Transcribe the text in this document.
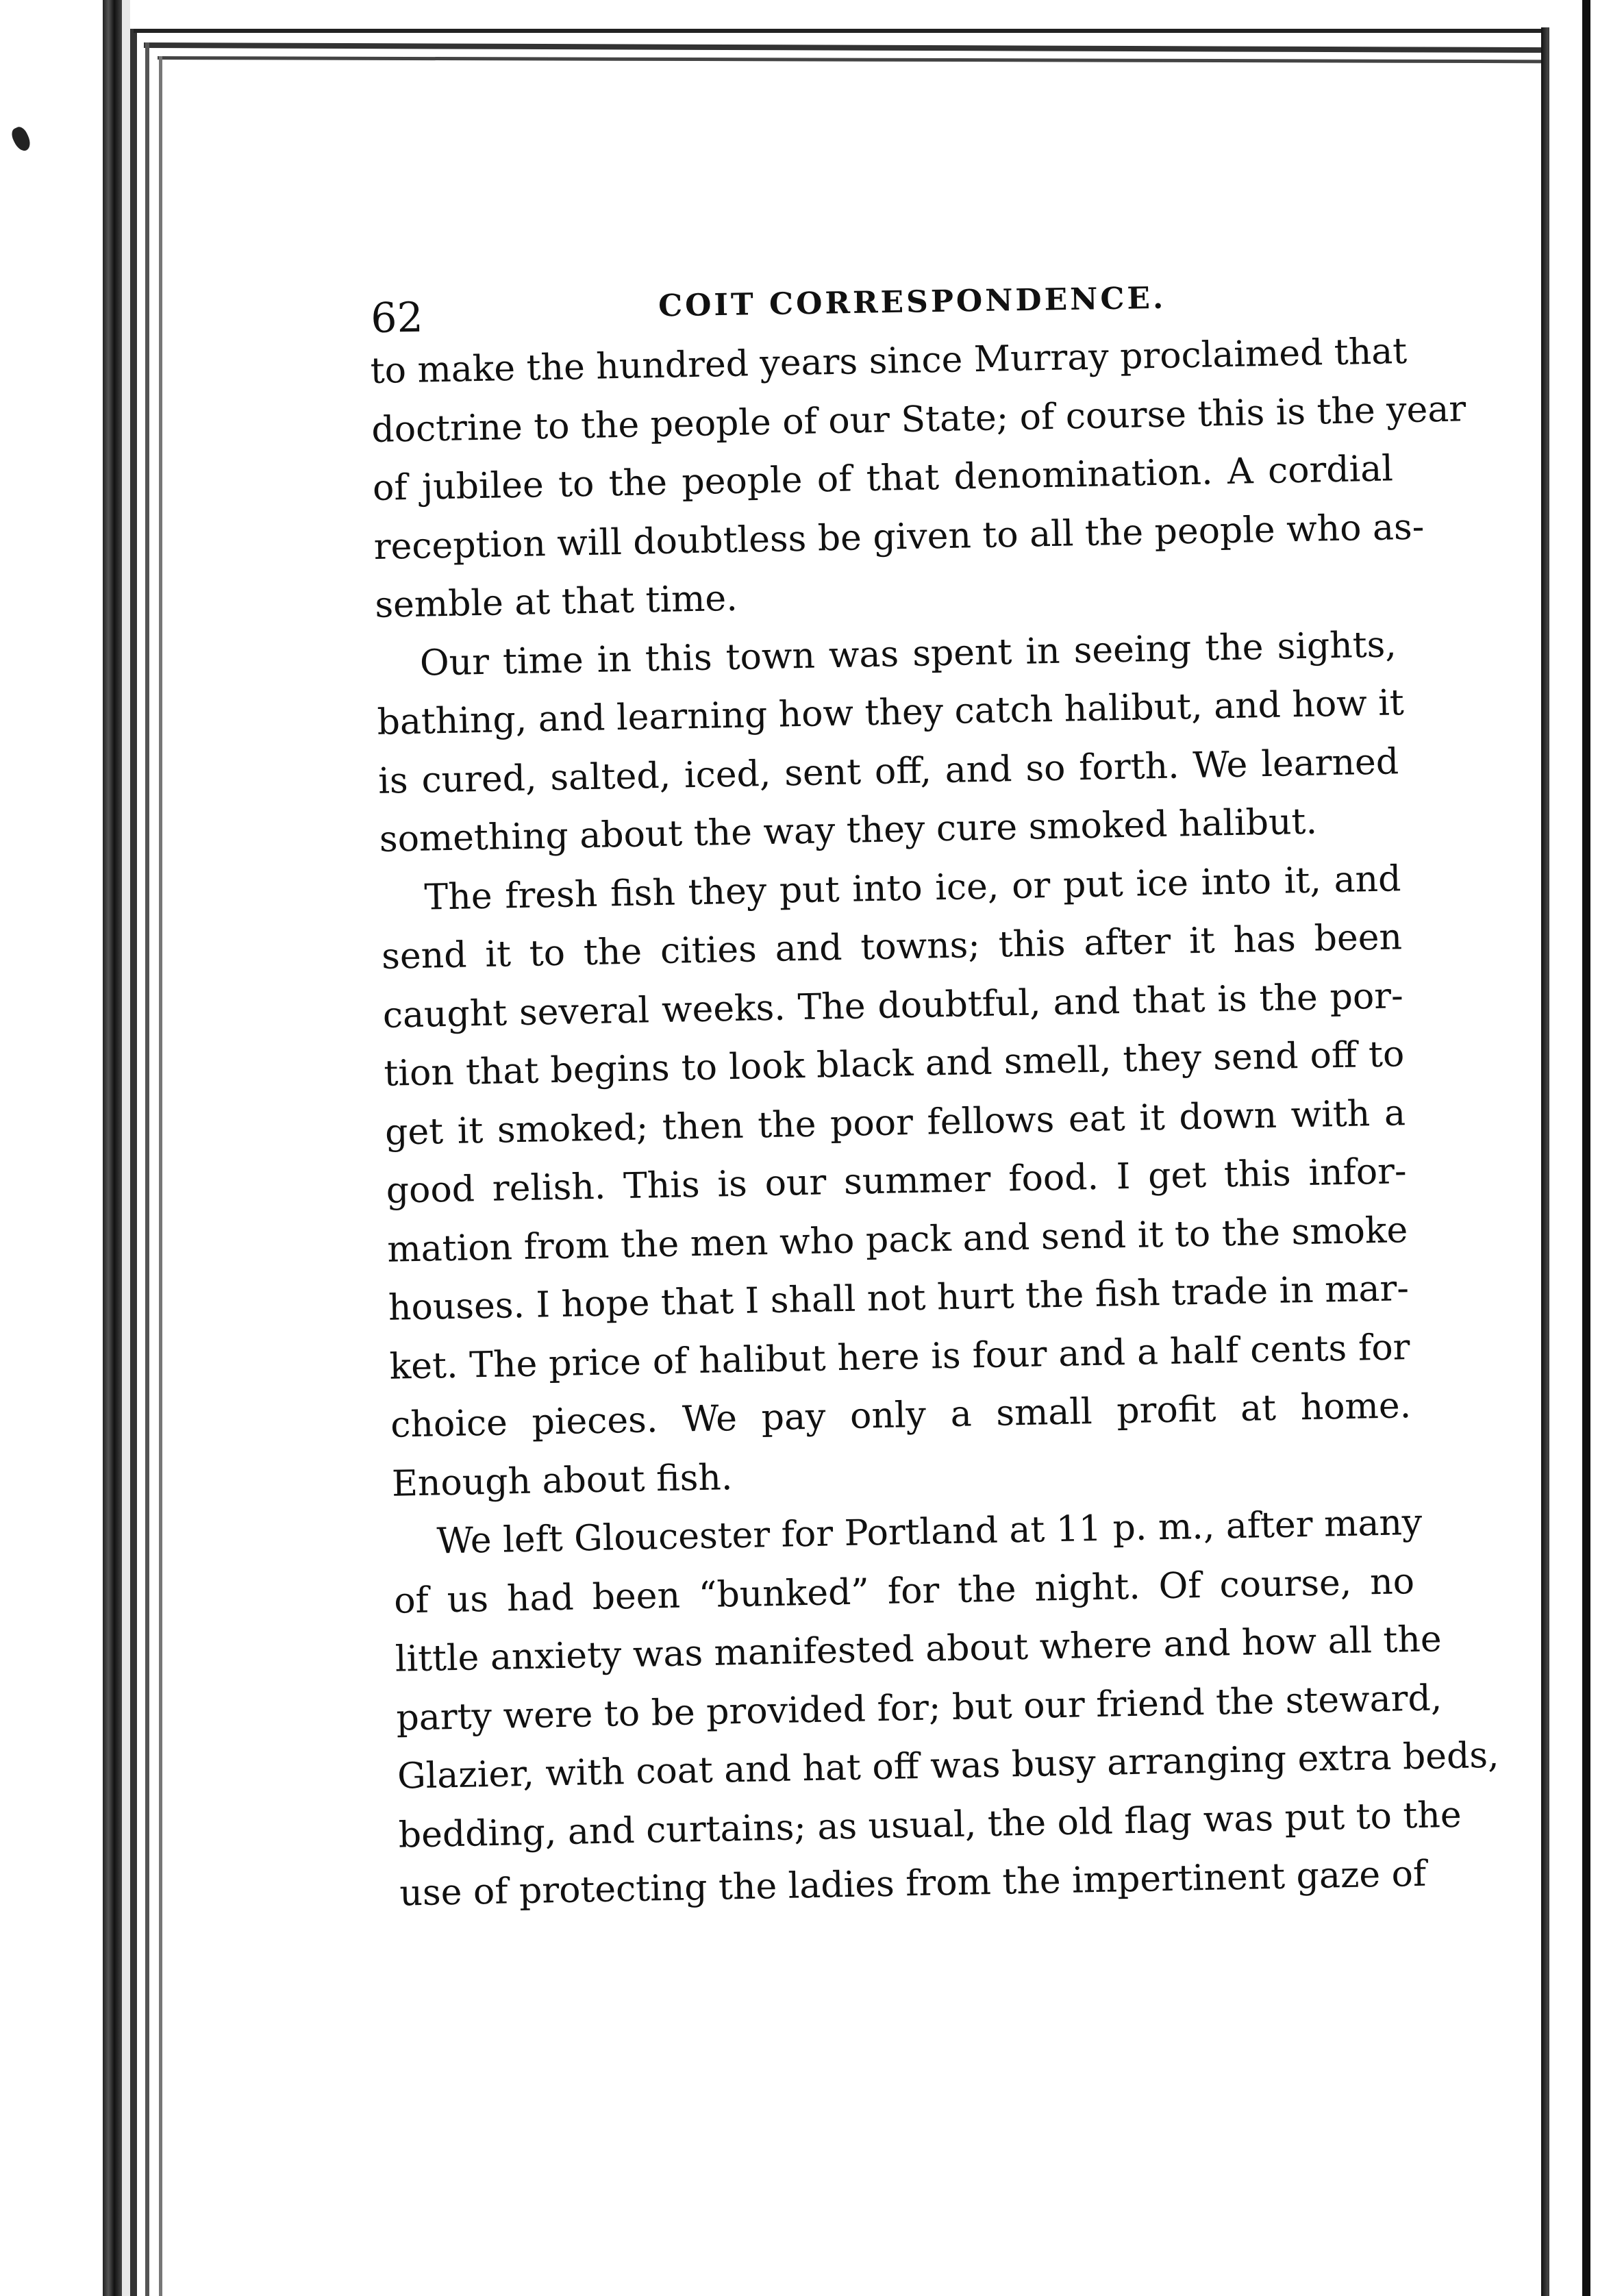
62	COIT CORRESPONDENCE.
to make the hundred years since Murray proclaimed that
doctrine to the people of our State; of course this is the year
of jubilee to the people of that denomination. A cordial
reception will doubtless be given to all the people who as-
semble at that time.
Our time in this town was spent in seeing the sights,
bathing, and learning how they catch halibut, and how it
is cured, salted, iced, sent off, and so forth. We learned
something about the way they cure smoked halibut.
The fresh fish they put into ice, or put ice into it, and
send it to the cities and towns; this after it has been
caught several weeks. The doubtful, and that is the por-
tion that begins to look black and smell, they send off to
get it smoked; then the poor fellows eat it down with a
good relish. This is our summer food. I get this infor-
mation from the men who pack and send it to the smoke
houses. I hope that I shall not hurt the fish trade in mar-
ket. The price of halibut here is four and a half cents for
choice pieces. We pay only a small profit at home.
Enough about fish.
We left Gloucester for Portland at 11 p. m., after many
of us had been “bunked” for the night. Of course, no
little anxiety was manifested about where and how all the
party were to be provided for; but our friend the steward,
Glazier, with coat and hat off was busy arranging extra beds,
bedding, and curtains; as usual, the old flag was put to the
use of protecting the ladies from the impertinent gaze of
